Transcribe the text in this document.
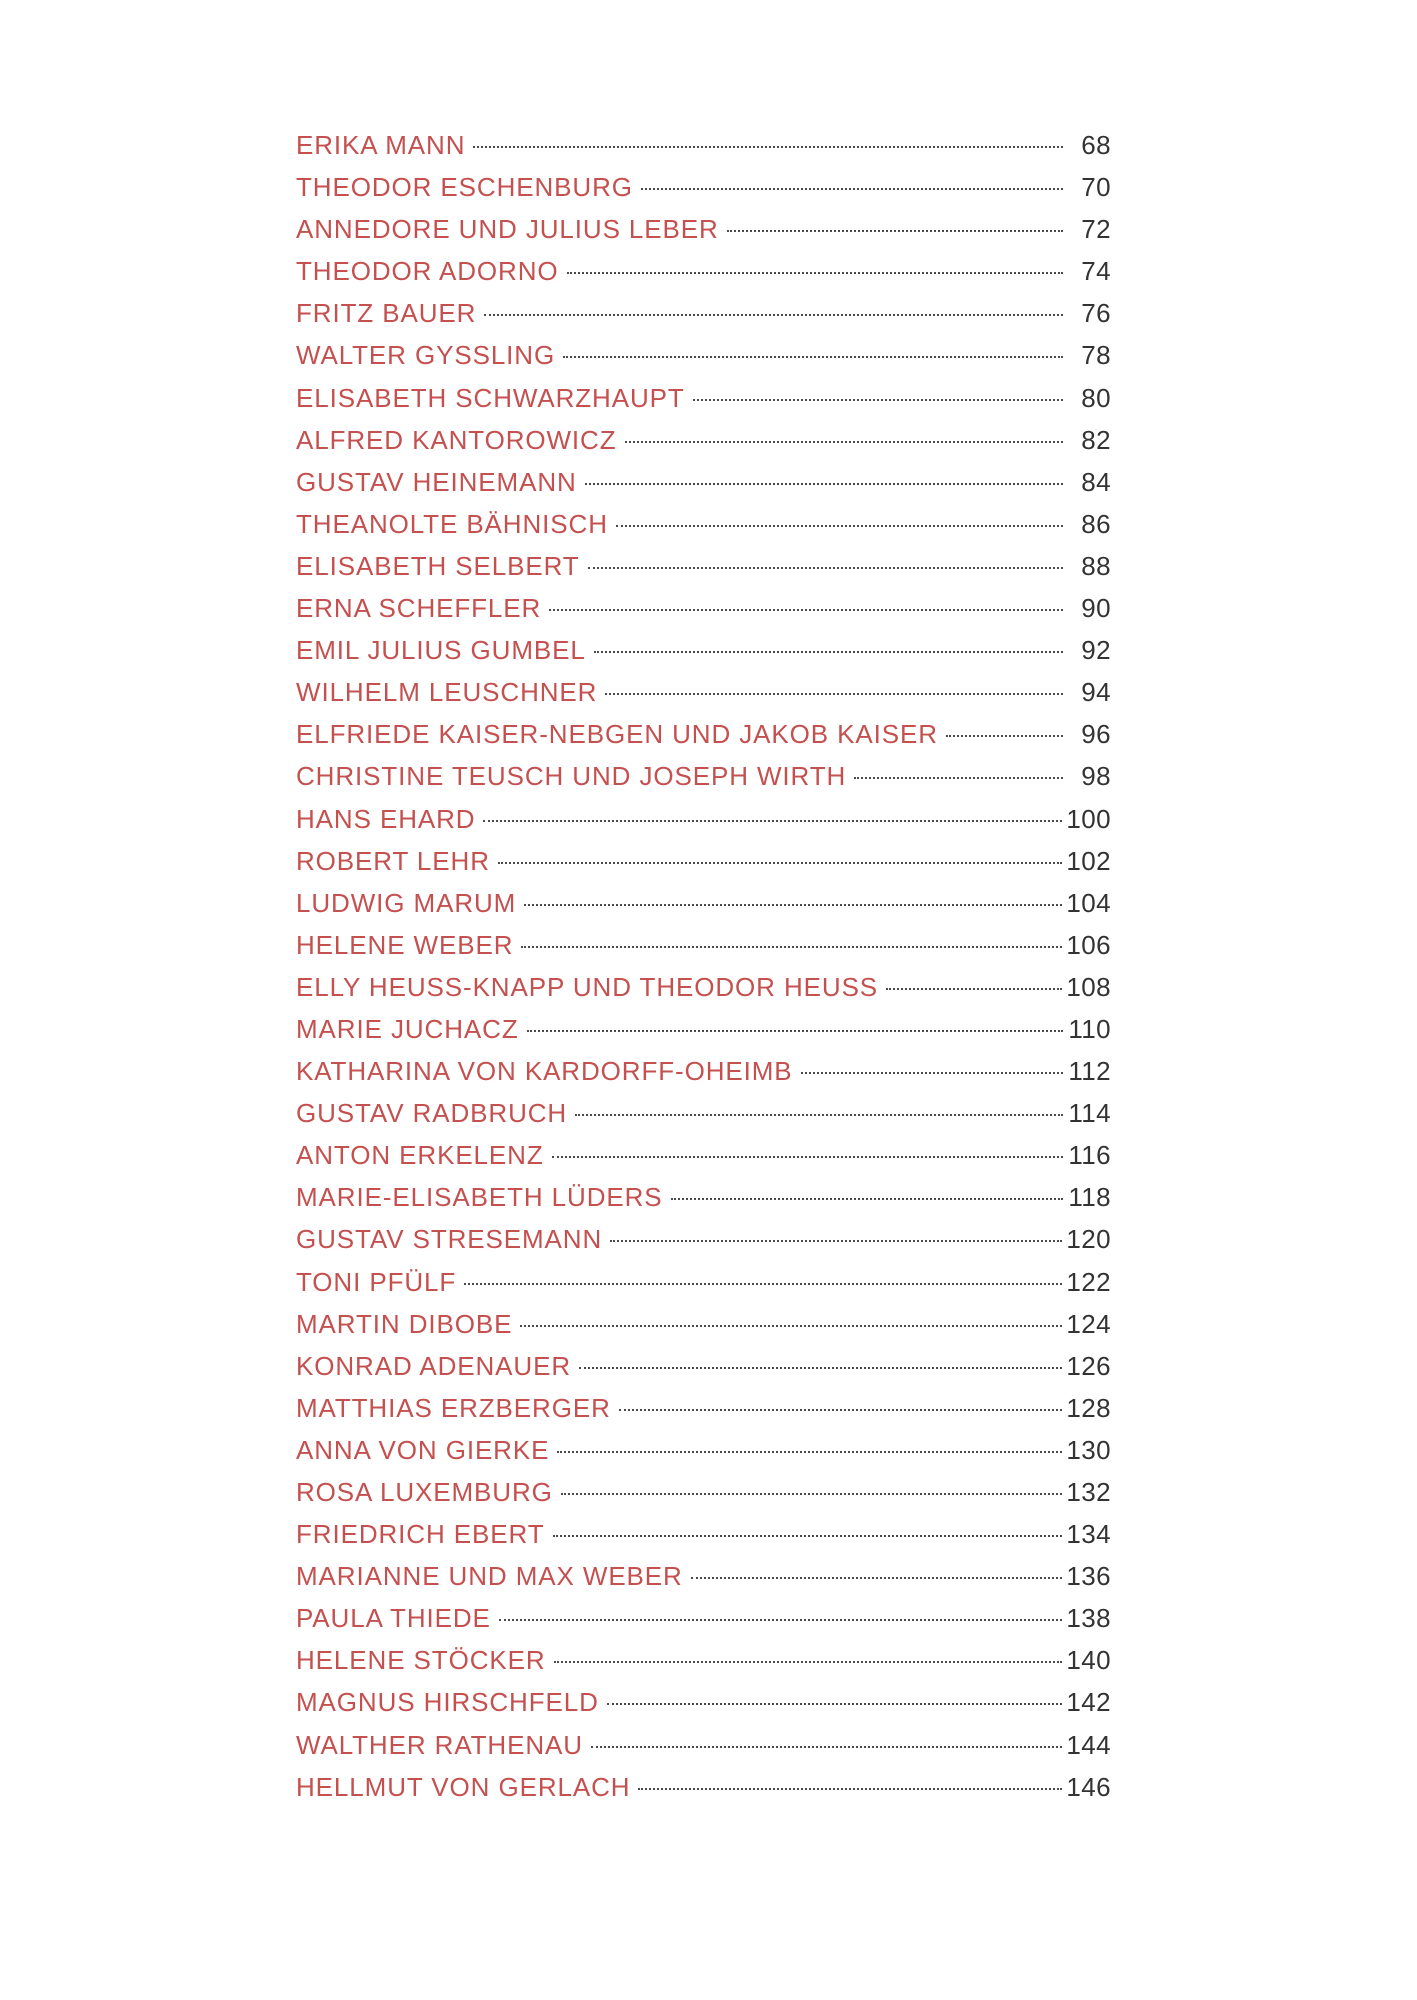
ERIKA MANN	68
THEODOR ESCHENBURG	70
ANNEDORE UND JULIUS LEBER	72
THEODOR ADORNO	74
FRITZ BAUER	76
WALTER GYSSLING	78
ELISABETH SCHWARZHAUPT	80
ALFRED KANTOROWICZ	82
GUSTAV HEINEMANN	84
THEANOLTE BÄHNISCH	86
ELISABETH SELBERT	88
ERNA SCHEFFLER	90
EMIL JULIUS GUMBEL	92
WILHELM LEUSCHNER	94
ELFRIEDE KAISER-NEBGEN UND JAKOB KAISER	96
CHRISTINE TEUSCH UND JOSEPH WIRTH	98
HANS EHARD	100
ROBERT LEHR	102
LUDWIG MARUM	104
HELENE WEBER	106
ELLY HEUSS-KNAPP UND THEODOR HEUSS	108
MARIE JUCHACZ	110
KATHARINA VON KARDORFF-OHEIMB	112
GUSTAV RADBRUCH	114
ANTON ERKELENZ	116
MARIE-ELISABETH LÜDERS	118
GUSTAV STRESEMANN	120
TONI PFÜLF	122
MARTIN DIBOBE	124
KONRAD ADENAUER	126
MATTHIAS ERZBERGER	128
ANNA VON GIERKE	130
ROSA LUXEMBURG	132
FRIEDRICH EBERT	134
MARIANNE UND MAX WEBER	136
PAULA THIEDE	138
HELENE STÖCKER	140
MAGNUS HIRSCHFELD	142
WALTHER RATHENAU	144
HELLMUT VON GERLACH	146
